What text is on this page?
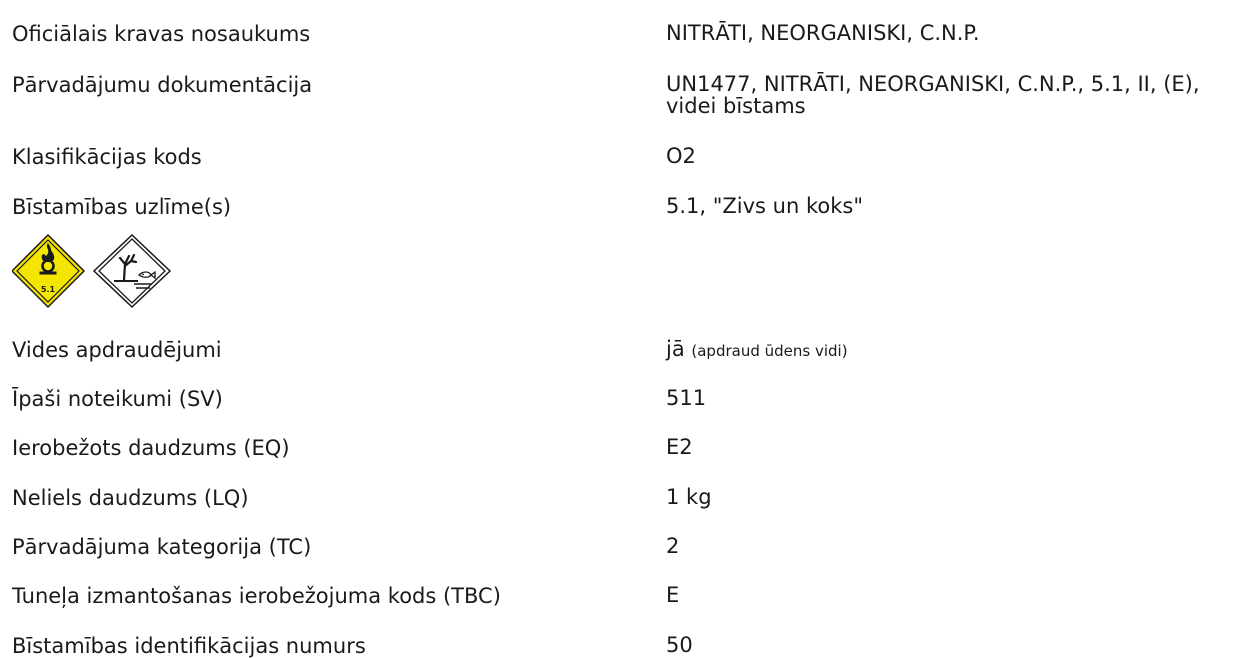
Oficiālais kravas nosaukums	NITRĀTI, NEORGANISKI, C.N.P.
Pārvadājumu dokumentācija	UN1477, NITRĀTI, NEORGANISKI, C.N.P., 5.1, II, (E), videi bīstams
Klasifikācijas kods	O2
Bīstamības uzlīme(s)	5.1, "Zivs un koks"
5.1
Vides apdraudējumi	jā (apdraud ūdens vidi)
Īpaši noteikumi (SV)	511
Ierobežots daudzums (EQ)	E2
Neliels daudzums (LQ)	1 kg
Pārvadājuma kategorija (TC)	2
Tuneļa izmantošanas ierobežojuma kods (TBC)	E
Bīstamības identifikācijas numurs	50
